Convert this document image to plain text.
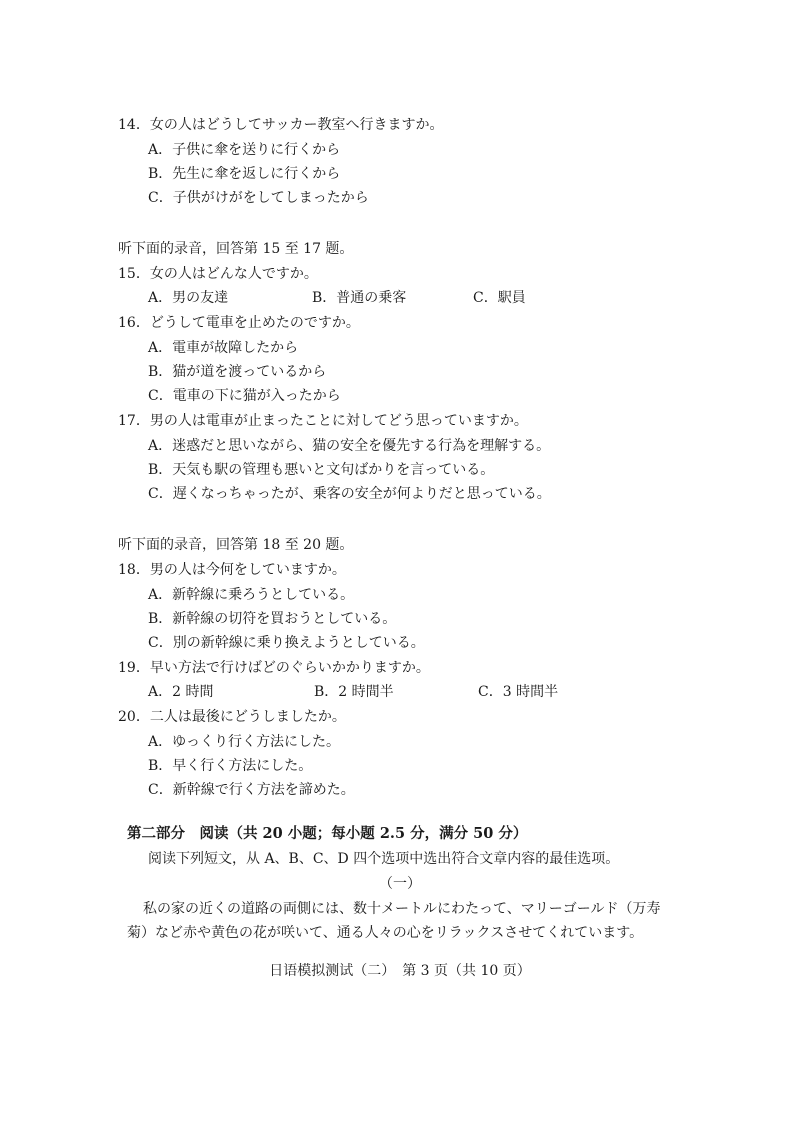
14．女の人はどうしてサッカー教室へ行きますか。
A．子供に傘を送りに行くから
B．先生に傘を返しに行くから
C．子供がけがをしてしまったから
听下面的录音，回答第 15 至 17 题。
15．女の人はどんな人ですか。
A．男の友達	B．普通の乗客	C．駅員
16．どうして電車を止めたのですか。
A．電車が故障したから
B．猫が道を渡っているから
C．電車の下に猫が入ったから
17．男の人は電車が止まったことに対してどう思っていますか。
A．迷惑だと思いながら、猫の安全を優先する行為を理解する。
B．天気も駅の管理も悪いと文句ばかりを言っている。
C．遅くなっちゃったが、乗客の安全が何よりだと思っている。
听下面的录音，回答第 18 至 20 题。
18．男の人は今何をしていますか。
A．新幹線に乗ろうとしている。
B．新幹線の切符を買おうとしている。
C．別の新幹線に乗り換えようとしている。
19．早い方法で行けばどのぐらいかかりますか。
A．2 時間	B．2 時間半	C．3 時間半
20．二人は最後にどうしましたか。
A．ゆっくり行く方法にした。
B．早く行く方法にした。
C．新幹線で行く方法を諦めた。
第二部分　阅读（共 20 小题；每小题 2.5 分，满分 50 分）
阅读下列短文，从 A、B、C、D 四个选项中选出符合文章内容的最佳选项。
（一）
私の家の近くの道路の両側には、数十メートルにわたって、マリーゴールド（万寿
菊）など赤や黄色の花が咲いて、通る人々の心をリラックスさせてくれています。
日语模拟测试（二）　第 3 页（共 10 页）
